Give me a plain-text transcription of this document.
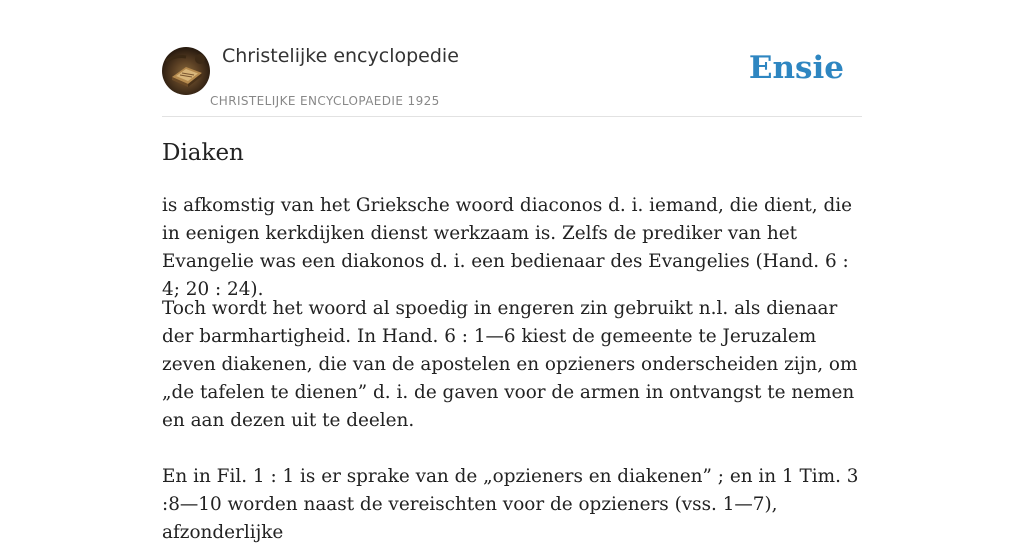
Christelijke encyclopedie
CHRISTELIJKE ENCYCLOPAEDIE 1925
Ensie
Diaken

is afkomstig van het Grieksche woord diaconos d. i. iemand, die dient, die in eenigen kerkdijken dienst werkzaam is. Zelfs de prediker van het Evangelie was een diakonos d. i. een bedienaar des Evangelies (Hand. 6 : 4; 20 : 24).

Toch wordt het woord al spoedig in engeren zin gebruikt n.l. als dienaar der barmhartigheid. In Hand. 6 : 1—6 kiest de gemeente te Jeruzalem zeven diakenen, die van de apostelen en opzieners onderscheiden zijn, om „de tafelen te dienen” d. i. de gaven voor de armen in ontvangst te nemen en aan dezen uit te deelen.

En in Fil. 1 : 1 is er sprake van de „opzieners en diakenen” ; en in 1 Tim. 3 :8—10 worden naast de vereischten voor de opzieners (vss. 1—7), afzonderlijke
